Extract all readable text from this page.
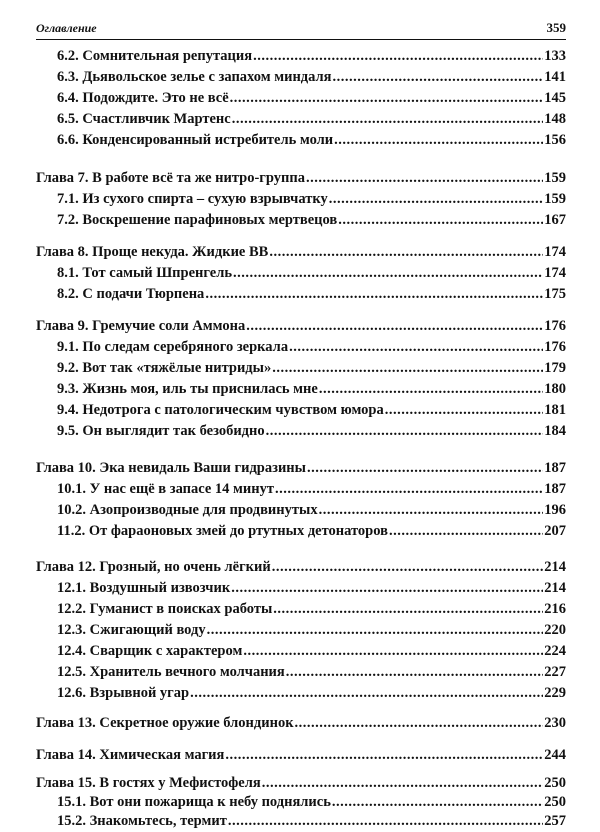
Оглавление	359
6.2. Сомнительная репутация .....	133
6.3. Дьявольское зелье с запахом миндаля .....	141
6.4. Подождите. Это не всё .....	145
6.5. Счастливчик Мартенс .....	148
6.6. Конденсированный истребитель моли .....	156
Глава 7. В работе всё та же нитро-группа .....	159
7.1. Из сухого спирта – сухую взрывчатку .....	159
7.2. Воскрешение парафиновых мертвецов .....	167
Глава 8. Проще некуда. Жидкие ВВ .....	174
8.1. Тот самый Шпренгель .....	174
8.2. С подачи Тюрпена .....	175
Глава 9. Гремучие соли Аммона .....	176
9.1. По следам серебряного зеркала .....	176
9.2. Вот так «тяжёлые нитриды» .....	179
9.3. Жизнь моя, иль ты приснилась мне .....	180
9.4. Недотрога с патологическим чувством юмора .....	181
9.5. Он выглядит так безобидно .....	184
Глава 10. Эка невидаль Ваши гидразины .....	187
10.1. У нас ещё в запасе 14 минут .....	187
10.2. Азопроизводные для продвинутых .....	196
11.2. От фараоновых змей до ртутных детонаторов .....	207
Глава 12. Грозный, но очень лёгкий .....	214
12.1. Воздушный извозчик .....	214
12.2. Гуманист в поисках работы .....	216
12.3. Сжигающий воду .....	220
12.4. Сварщик с характером .....	224
12.5. Хранитель вечного молчания .....	227
12.6. Взрывной угар .....	229
Глава 13. Секретное оружие блондинок .....	230
Глава 14. Химическая магия .....	244
Глава 15. В гостях у Мефистофеля .....	250
15.1. Вот они пожарища к небу поднялись .....	250
15.2. Знакомьтесь, термит .....	257
